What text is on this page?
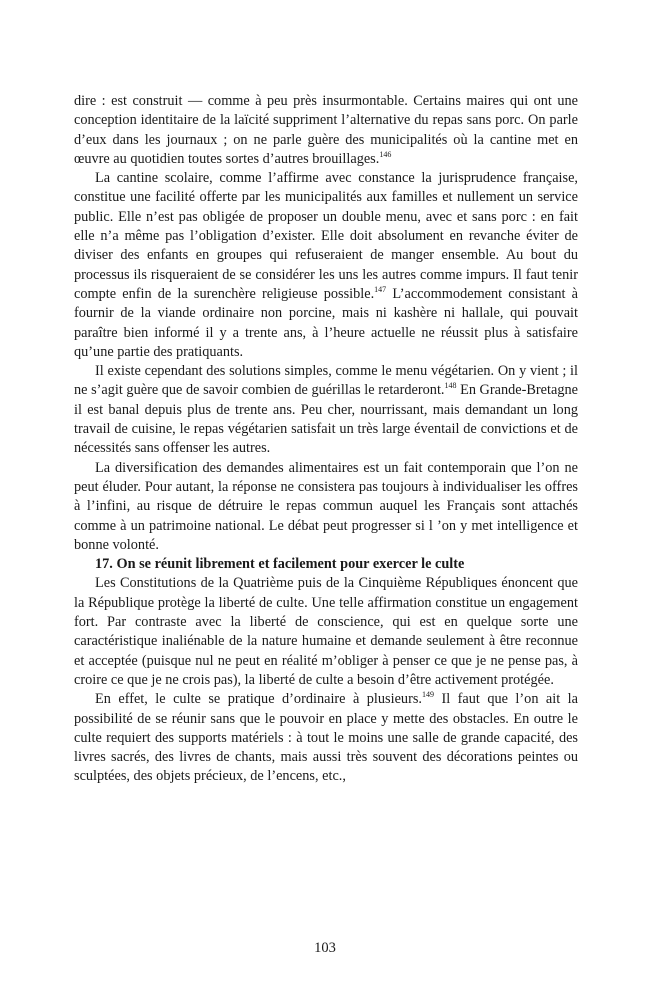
dire : est construit — comme à peu près insurmontable. Certains maires qui ont une conception identitaire de la laïcité suppriment l’alternative du repas sans porc. On parle d’eux dans les journaux ; on ne parle guère des municipalités où la cantine met en œuvre au quotidien toutes sortes d’autres brouillages.$^{146}$

La cantine scolaire, comme l’affirme avec constance la jurisprudence française, constitue une facilité offerte par les municipalités aux familles et nullement un service public. Elle n’est pas obligée de proposer un double menu, avec et sans porc : en fait elle n’a même pas l’obligation d’exister. Elle doit absolument en revanche éviter de diviser des enfants en groupes qui refuseraient de manger ensemble. Au bout du processus ils risqueraient de se considérer les uns les autres comme impurs. Il faut tenir compte enfin de la surenchère religieuse possible.$^{147}$ L’accommodement consistant à fournir de la viande ordinaire non porcine, mais ni kashère ni hallale, qui pouvait paraître bien informé il y a trente ans, à l’heure actuelle ne réussit plus à satisfaire qu’une partie des pratiquants.

Il existe cependant des solutions simples, comme le menu végétarien. On y vient ; il ne s’agit guère que de savoir combien de guérillas le retarderont.$^{148}$ En Grande-Bretagne il est banal depuis plus de trente ans. Peu cher, nourrissant, mais demandant un long travail de cuisine, le repas végétarien satisfait un très large éventail de convictions et de nécessités sans offenser les autres.

La diversification des demandes alimentaires est un fait contemporain que l’on ne peut éluder. Pour autant, la réponse ne consistera pas toujours à individualiser les offres à l’infini, au risque de détruire le repas commun auquel les Français sont attachés comme à un patrimoine national. Le débat peut progresser si l ’on y met intelligence et bonne volonté.

17. On se réunit librement et facilement pour exercer le culte

Les Constitutions de la Quatrième puis de la Cinquième Républiques énoncent que la République protège la liberté de culte. Une telle affirmation constitue un engagement fort. Par contraste avec la liberté de conscience, qui est en quelque sorte une caractéristique inaliénable de la nature humaine et demande seulement à être reconnue et acceptée (puisque nul ne peut en réalité m’obliger à penser ce que je ne pense pas, à croire ce que je ne crois pas), la liberté de culte a besoin d’être activement protégée.

En effet, le culte se pratique d’ordinaire à plusieurs.$^{149}$ Il faut que l’on ait la possibilité de se réunir sans que le pouvoir en place y mette des obstacles. En outre le culte requiert des supports matériels : à tout le moins une salle de grande capacité, des livres sacrés, des livres de chants, mais aussi très souvent des décorations peintes ou sculptées, des objets précieux, de l’encens, etc.,

103
